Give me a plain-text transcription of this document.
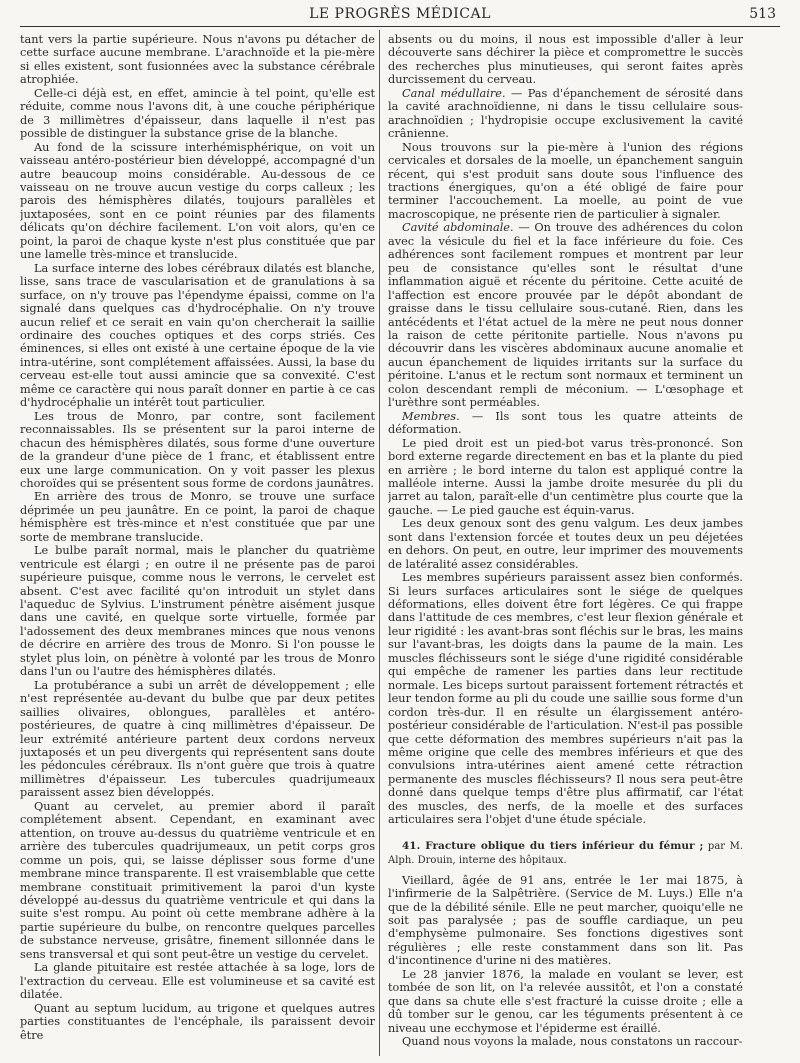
LE PROGRÈS MÉDICAL	513

tant vers la partie supérieure. Nous n'avons pu détacher de cette surface aucune membrane. L'arachnoïde et la pie-mère si elles existent, sont fusionnées avec la substance cérébrale atrophiée.

Celle-ci déjà est, en effet, amincie à tel point, qu'elle est réduite, comme nous l'avons dit, à une couche périphérique de 3 millimètres d'épaisseur, dans laquelle il n'est pas possible de distinguer la substance grise de la blanche.

Au fond de la scissure interhémisphérique, on voit un vaisseau antéro-postérieur bien développé, accompagné d'un autre beaucoup moins considérable. Au-dessous de ce vaisseau on ne trouve aucun vestige du corps calleux ; les parois des hémisphères dilatés, toujours parallèles et juxtaposées, sont en ce point réunies par des filaments délicats qu'on déchire facilement. L'on voit alors, qu'en ce point, la paroi de chaque kyste n'est plus constituée que par une lamelle très-mince et translucide.

La surface interne des lobes cérébraux dilatés est blanche, lisse, sans trace de vascularisation et de granulations à sa surface, on n'y trouve pas l'épendyme épaissi, comme on l'a signalé dans quelques cas d'hydrocéphalie. On n'y trouve aucun relief et ce serait en vain qu'on chercherait la saillie ordinaire des couches optiques et des corps striés. Ces éminences, si elles ont existé à une certaine époque de la vie intra-utérine, sont complétement affaissées. Aussi, la base du cerveau est-elle tout aussi amincie que sa convexité. C'est même ce caractère qui nous paraît donner en partie à ce cas d'hydrocéphalie un intérêt tout particulier.

Les trous de Monro, par contre, sont facilement reconnaissables. Ils se présentent sur la paroi interne de chacun des hémisphères dilatés, sous forme d'une ouverture de la grandeur d'une pièce de 1 franc, et établissent entre eux une large communication. On y voit passer les plexus choroïdes qui se présentent sous forme de cordons jaunâtres.

En arrière des trous de Monro, se trouve une surface déprimée un peu jaunâtre. En ce point, la paroi de chaque hémisphère est très-mince et n'est constituée que par une sorte de membrane translucide.

Le bulbe paraît normal, mais le plancher du quatrième ventricule est élargi ; en outre il ne présente pas de paroi supérieure puisque, comme nous le verrons, le cervelet est absent. C'est avec facilité qu'on introduit un stylet dans l'aqueduc de Sylvius. L'instrument pénètre aisément jusque dans une cavité, en quelque sorte virtuelle, formée par l'adossement des deux membranes minces que nous venons de décrire en arrière des trous de Monro. Si l'on pousse le stylet plus loin, on pénètre à volonté par les trous de Monro dans l'un ou l'autre des hémisphères dilatés.

La protubérance a subi un arrêt de développement ; elle n'est représentée au-devant du bulbe que par deux petites saillies olivaires, oblongues, parallèles et antéro-postérieures, de quatre à cinq millimètres d'épaisseur. De leur extrémité antérieure partent deux cordons nerveux juxtaposés et un peu divergents qui représentent sans doute les pédoncules cérébraux. Ils n'ont guère que trois à quatre millimètres d'épaisseur. Les tubercules quadrijumeaux paraissent assez bien développés.

Quant au cervelet, au premier abord il paraît complétement absent. Cependant, en examinant avec attention, on trouve au-dessus du quatrième ventricule et en arrière des tubercules quadrijumeaux, un petit corps gros comme un pois, qui, se laisse déplisser sous forme d'une membrane mince transparente. Il est vraisemblable que cette membrane constituait primitivement la paroi d'un kyste développé au-dessus du quatrième ventricule et qui dans la suite s'est rompu. Au point où cette membrane adhère à la partie supérieure du bulbe, on rencontre quelques parcelles de substance nerveuse, grisâtre, finement sillonnée dans le sens transversal et qui sont peut-être un vestige du cervelet.

La glande pituitaire est restée attachée à sa loge, lors de l'extraction du cerveau. Elle est volumineuse et sa cavité est dilatée.

Quant au septum lucidum, au trigone et quelques autres parties constituantes de l'encéphale, ils paraissent devoir être

absents ou du moins, il nous est impossible d'aller à leur découverte sans déchirer la pièce et compromettre le succès des recherches plus minutieuses, qui seront faites après durcissement du cerveau.

Canal médullaire. — Pas d'épanchement de sérosité dans la cavité arachnoïdienne, ni dans le tissu cellulaire sous-arachnoïdien ; l'hydropisie occupe exclusivement la cavité crânienne.

Nous trouvons sur la pie-mère à l'union des régions cervicales et dorsales de la moelle, un épanchement sanguin récent, qui s'est produit sans doute sous l'influence des tractions énergiques, qu'on a été obligé de faire pour terminer l'accouchement. La moelle, au point de vue macroscopique, ne présente rien de particulier à signaler.

Cavité abdominale. — On trouve des adhérences du colon avec la vésicule du fiel et la face inférieure du foie. Ces adhérences sont facilement rompues et montrent par leur peu de consistance qu'elles sont le résultat d'une inflammation aiguë et récente du péritoine. Cette acuité de l'affection est encore prouvée par le dépôt abondant de graisse dans le tissu cellulaire sous-cutané. Rien, dans les antécédents et l'état actuel de la mère ne peut nous donner la raison de cette péritonite partielle. Nous n'avons pu découvrir dans les viscères abdominaux aucune anomalie et aucun épanchement de liquides irritants sur la surface du péritoine. L'anus et le rectum sont normaux et terminent un colon descendant rempli de méconium. — L'œsophage et l'urèthre sont perméables.

Membres. — Ils sont tous les quatre atteints de déformation.

Le pied droit est un pied-bot varus très-prononcé. Son bord externe regarde directement en bas et la plante du pied en arrière ; le bord interne du talon est appliqué contre la malléole interne. Aussi la jambe droite mesurée du pli du jarret au talon, paraît-elle d'un centimètre plus courte que la gauche. — Le pied gauche est équin-varus.

Les deux genoux sont des genu valgum. Les deux jambes sont dans l'extension forcée et toutes deux un peu déjetées en dehors. On peut, en outre, leur imprimer des mouvements de latéralité assez considérables.

Les membres supérieurs paraissent assez bien conformés. Si leurs surfaces articulaires sont le siége de quelques déformations, elles doivent être fort légères. Ce qui frappe dans l'attitude de ces membres, c'est leur flexion générale et leur rigidité : les avant-bras sont fléchis sur le bras, les mains sur l'avant-bras, les doigts dans la paume de la main. Les muscles fléchisseurs sont le siége d'une rigidité considérable qui empêche de ramener les parties dans leur rectitude normale. Les biceps surtout paraissent fortement rétractés et leur tendon forme au pli du coude une saillie sous forme d'un cordon très-dur. Il en résulte un élargissement antéro-postérieur considérable de l'articulation. N'est-il pas possible que cette déformation des membres supérieurs n'ait pas la même origine que celle des membres inférieurs et que des convulsions intra-utérines aient amené cette rétraction permanente des muscles fléchisseurs? Il nous sera peut-être donné dans quelque temps d'être plus affirmatif, car l'état des muscles, des nerfs, de la moelle et des surfaces articulaires sera l'objet d'une étude spéciale.

41. Fracture oblique du tiers inférieur du fémur ; par M. Alph. Drouin, interne des hôpitaux.

Vieillard, âgée de 91 ans, entrée le 1er mai 1875, à l'infirmerie de la Salpêtrière. (Service de M. Luys.) Elle n'a que de la débilité sénile. Elle ne peut marcher, quoiqu'elle ne soit pas paralysée ; pas de souffle cardiaque, un peu d'emphysème pulmonaire. Ses fonctions digestives sont régulières ; elle reste constamment dans son lit. Pas d'incontinence d'urine ni des matières.

Le 28 janvier 1876, la malade en voulant se lever, est tombée de son lit, on l'a relevée aussitôt, et l'on a constaté que dans sa chute elle s'est fracturé la cuisse droite ; elle a dû tomber sur le genou, car les téguments présentent à ce niveau une ecchymose et l'épiderme est éraillé.

Quand nous voyons la malade, nous constatons un raccour-
